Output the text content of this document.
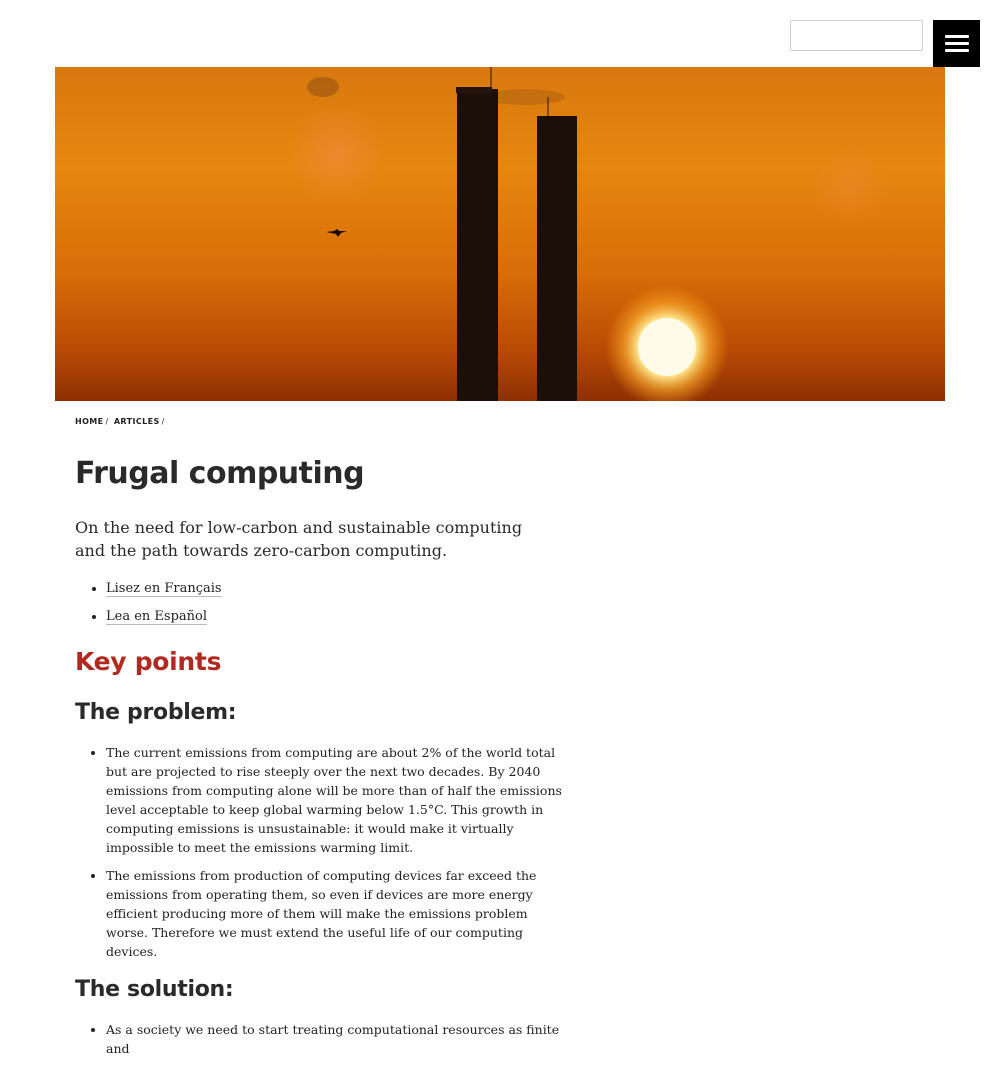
HOME / ARTICLES /
Frugal computing

On the need for low-carbon and sustainable computing and the path towards zero-carbon computing.

• Lisez en Français
• Lea en Español
Key points
The problem:
• The current emissions from computing are about 2% of the world total but are projected to rise steeply over the next two decades. By 2040 emissions from computing alone will be more than of half the emissions level acceptable to keep global warming below 1.5°C. This growth in computing emissions is unsustainable: it would make it virtually impossible to meet the emissions warming limit.
• The emissions from production of computing devices far exceed the emissions from operating them, so even if devices are more energy efficient producing more of them will make the emissions problem worse. Therefore we must extend the useful life of our computing devices.
The solution:
• As a society we need to start treating computational resources as finite and
